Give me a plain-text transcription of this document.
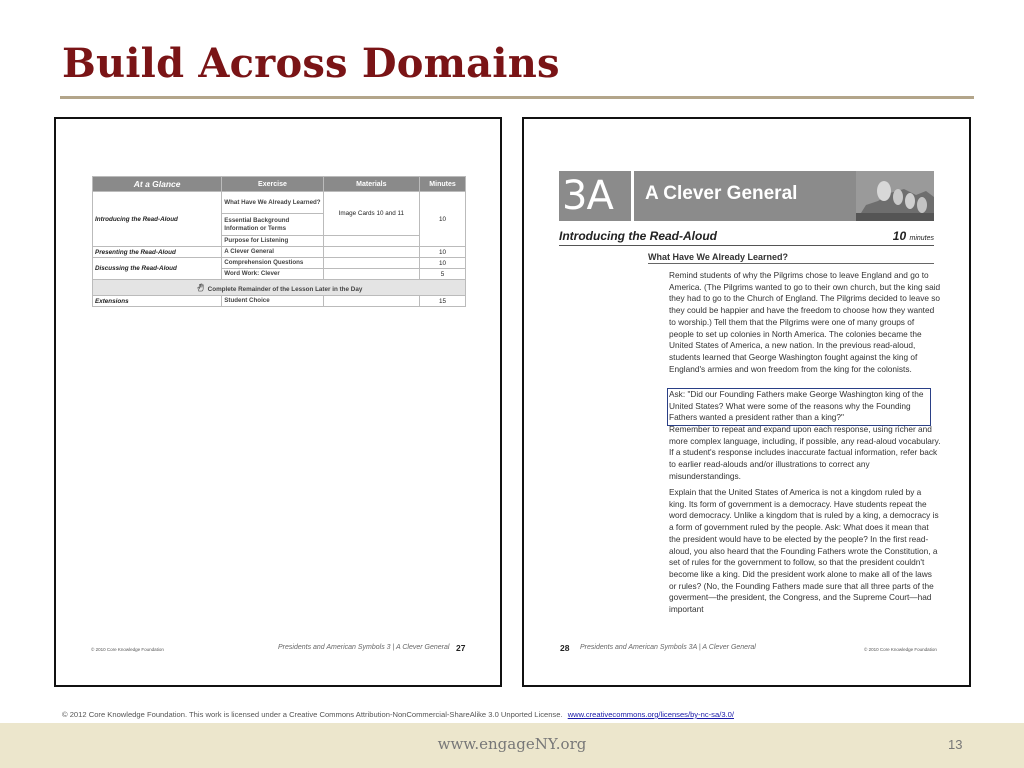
Build Across Domains
At a Glance	Exercise	Materials	Minutes
Introducing the Read-Aloud	What Have We Already Learned?	Image Cards 10 and 11	10
	Essential Background Information or Terms		
	Purpose for Listening		
Presenting the Read-Aloud	A Clever General		10
Discussing the Read-Aloud	Comprehension Questions		10
	Word Work: Clever		5
Complete Remainder of the Lesson Later in the Day			
Extensions	Student Choice		15
© 2010 Core Knowledge Foundation	Presidents and American Symbols 3 | A Clever General 27
3A A Clever General
Introducing the Read-Aloud	10 minutes
What Have We Already Learned?

Remind students of why the Pilgrims chose to leave England and go to America. (The Pilgrims wanted to go to their own church, but the king said they had to go to the Church of England. The Pilgrims decided to leave so they could be happier and have the freedom to choose how they wanted to worship.) Tell them that the Pilgrims were one of many groups of people to set up colonies in North America. The colonies became the United States of America, a new nation. In the previous read-aloud, students learned that George Washington fought against the king of England's armies and won freedom from the king for the colonists.

Ask: "Did our Founding Fathers make George Washington king of the United States? What were some of the reasons why the Founding Fathers wanted a president rather than a king?"

Remember to repeat and expand upon each response, using richer and more complex language, including, if possible, any read-aloud vocabulary. If a student's response includes inaccurate factual information, refer back to earlier read-alouds and/or illustrations to correct any misunderstandings.

Explain that the United States of America is not a kingdom ruled by a king. Its form of government is a democracy. Have students repeat the word democracy. Unlike a kingdom that is ruled by a king, a democracy is a form of government ruled by the people. Ask: What does it mean that the president would have to be elected by the people? In the first read-aloud, you also heard that the Founding Fathers wrote the Constitution, a set of rules for the government to follow, so that the president couldn't become like a king. Did the president work alone to make all of the laws or rules? (No, the Founding Fathers made sure that all three parts of the goverment—the president, the Congress, and the Supreme Court—had important

28 Presidents and American Symbols 3A | A Clever General	© 2010 Core Knowledge Foundation
© 2012 Core Knowledge Foundation. This work is licensed under a Creative Commons Attribution-NonCommercial-ShareAlike 3.0 Unported License. www.creativecommons.org/licenses/by-nc-sa/3.0/
www.engageNY.org	13
